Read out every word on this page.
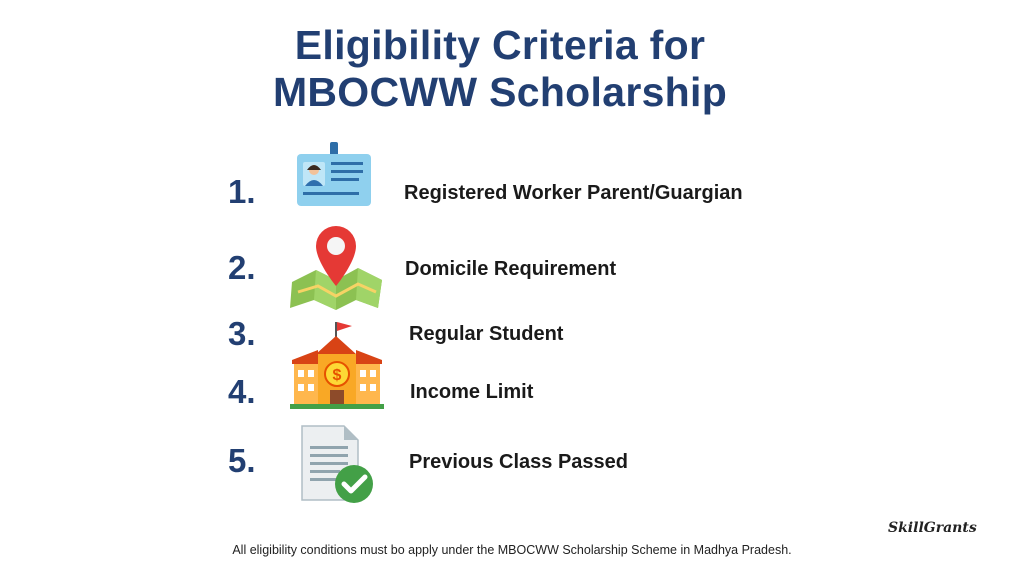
Eligibility Criteria for
MBOCWW Scholarship
1.	Registered Worker Parent/Guargian
2.	Domicile Requirement
3.
$
Regular Student
4.	Income Limit
5.	Previous Class Passed
SkillGrants
All eligibility conditions must bo apply under the MBOCWW Scholarship Scheme in Madhya Pradesh.
